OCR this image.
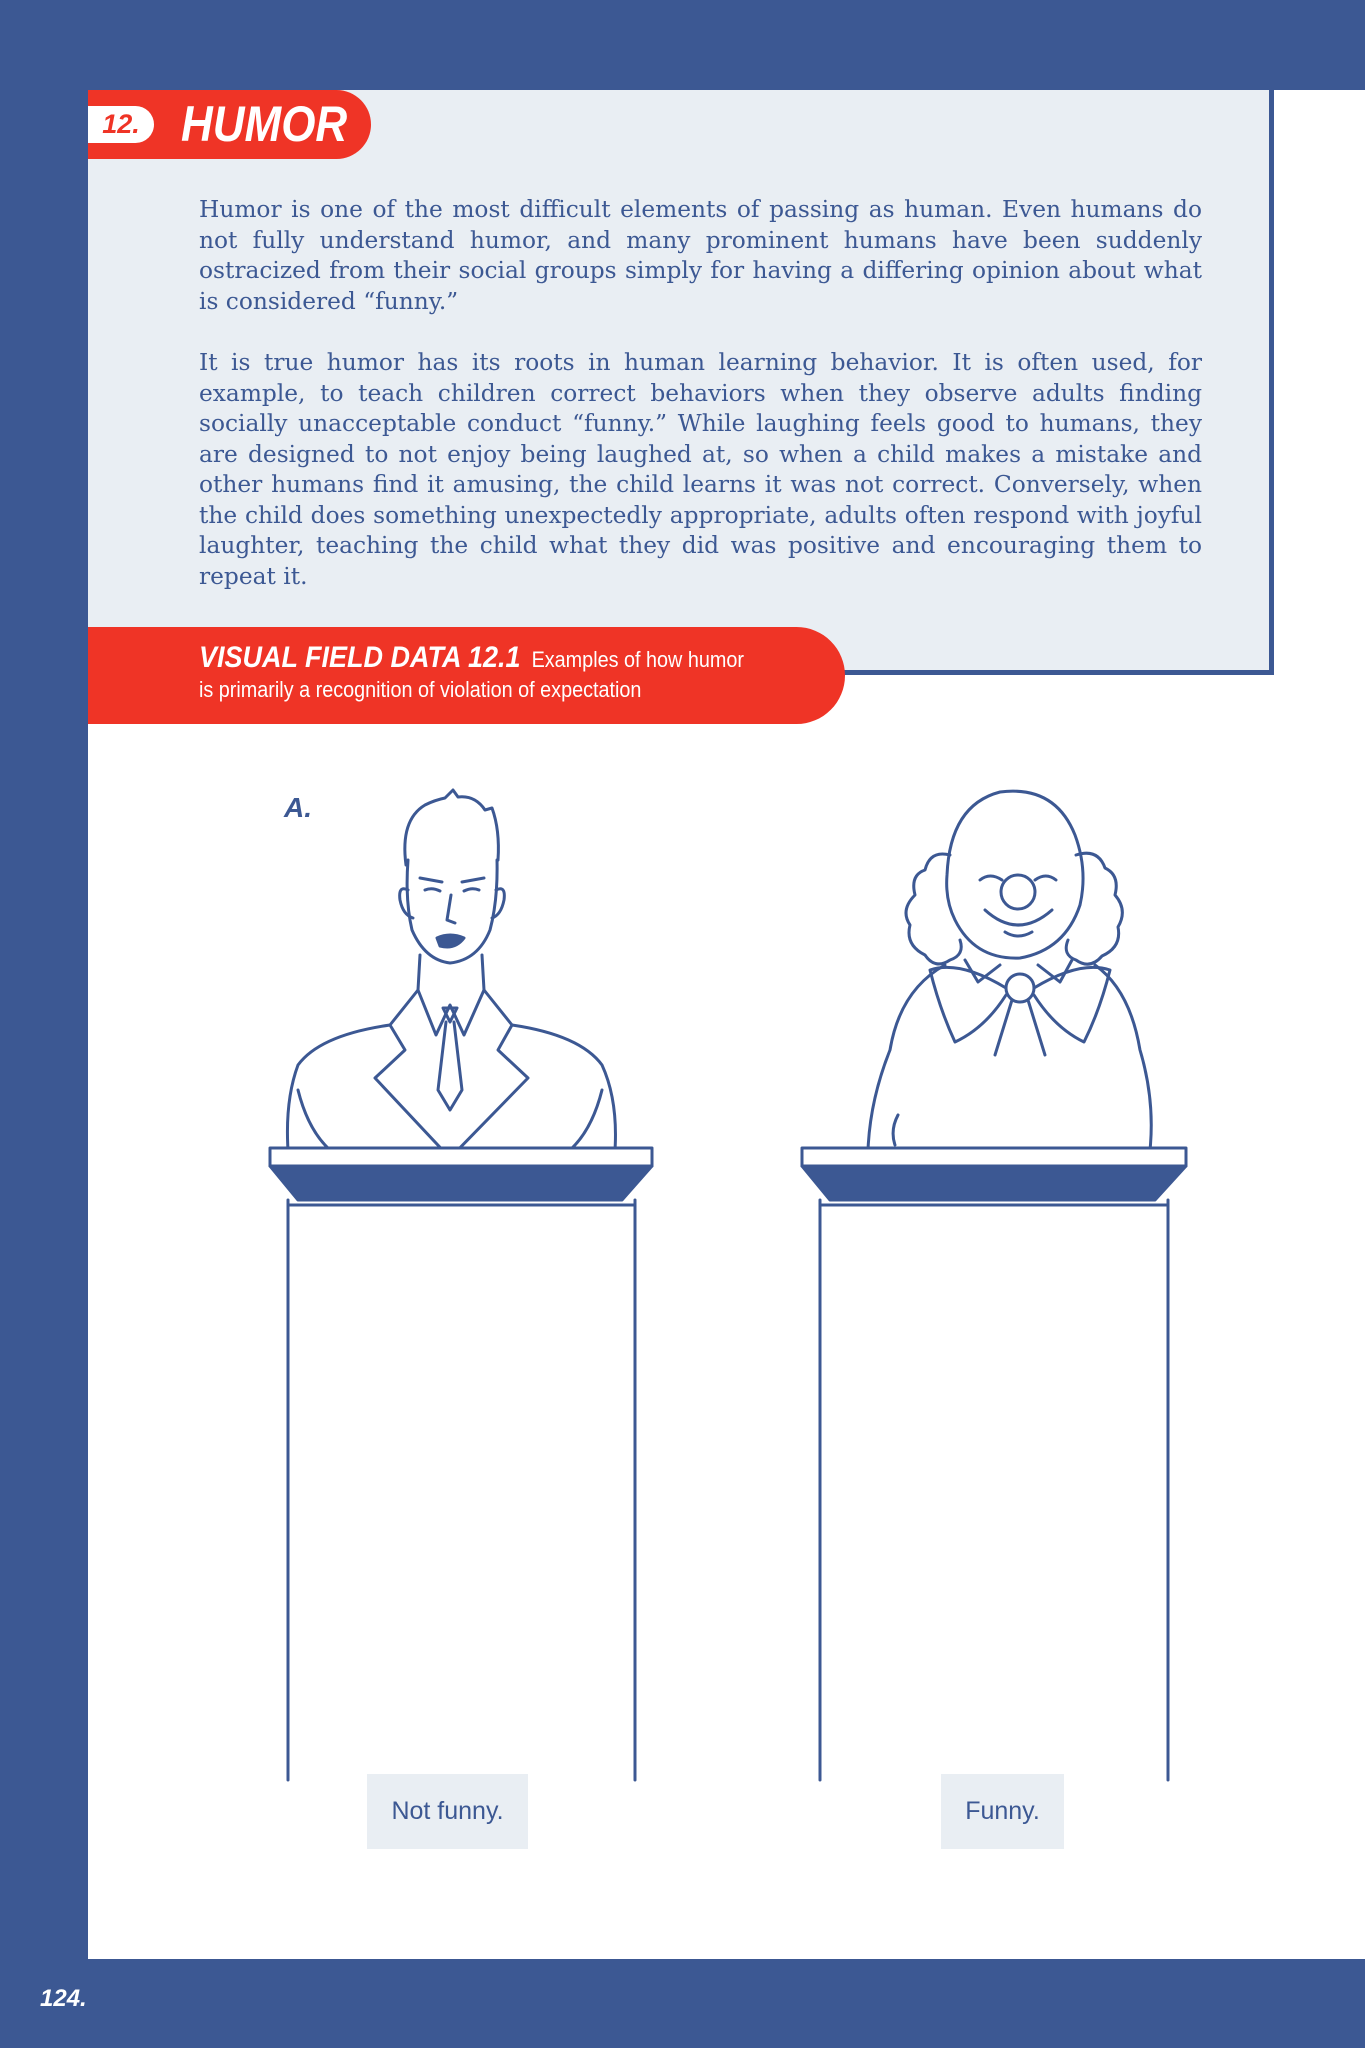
12. HUMOR

Humor is one of the most difficult elements of passing as human. Even humans do not fully understand humor, and many prominent humans have been suddenly ostracized from their social groups simply for having a differing opinion about what is considered “funny.”

It is true humor has its roots in human learning behavior. It is often used, for example, to teach children correct behaviors when they observe adults finding socially unacceptable conduct “funny.” While laughing feels good to humans, they are designed to not enjoy being laughed at, so when a child makes a mistake and other humans find it amusing, the child learns it was not correct. Conversely, when the child does something unexpectedly appropriate, adults often respond with joyful laughter, teaching the child what they did was positive and encouraging them to repeat it.

VISUAL FIELD DATA 12.1 Examples of how humor
is primarily a recognition of violation of expectation
A.
Not funny.	Funny.
124.
